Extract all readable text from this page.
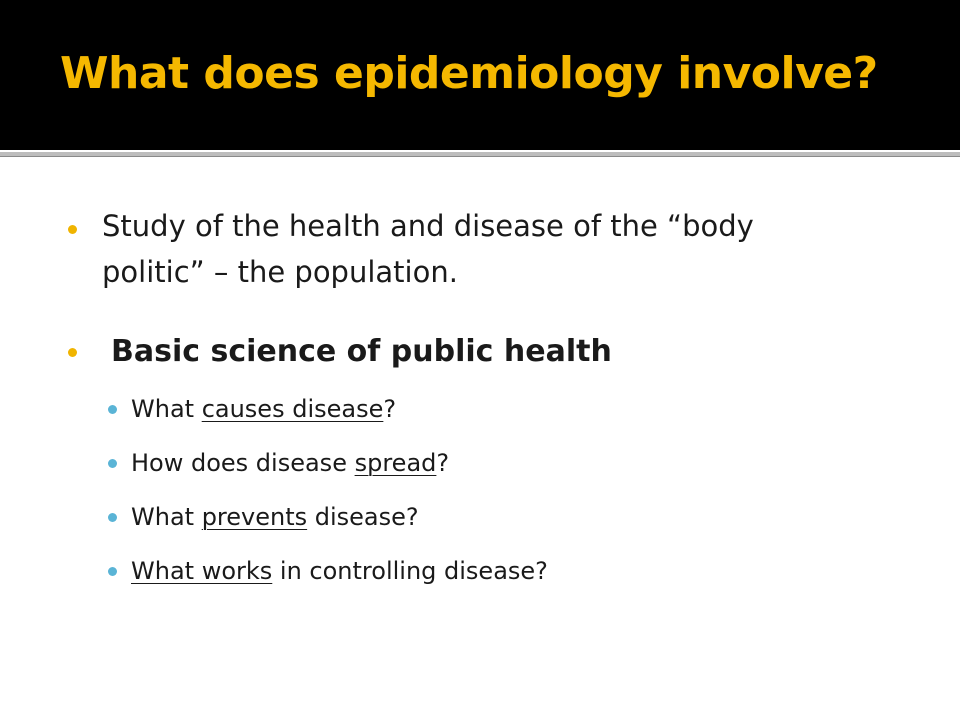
What does epidemiology involve?
Study of the health and disease of the “body
politic” – the population.
Basic science of public health
What causes disease?
How does disease spread?
What prevents disease?
What works in controlling disease?
